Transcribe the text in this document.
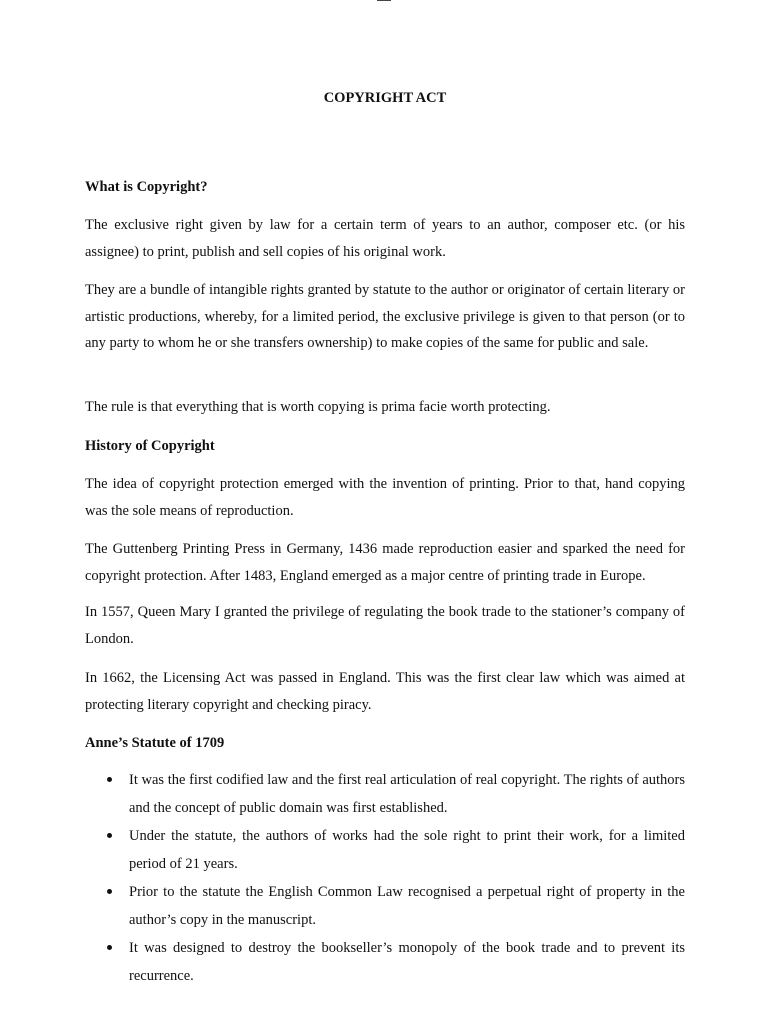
COPYRIGHT ACT
What is Copyright?

The exclusive right given by law for a certain term of years to an author, composer etc. (or his assignee) to print, publish and sell copies of his original work.

They are a bundle of intangible rights granted by statute to the author or originator of certain literary or artistic productions, whereby, for a limited period, the exclusive privilege is given to that person (or to any party to whom he or she transfers ownership) to make copies of the same for public and sale.

The rule is that everything that is worth copying is prima facie worth protecting.

History of Copyright

The idea of copyright protection emerged with the invention of printing. Prior to that, hand copying was the sole means of reproduction.

The Guttenberg Printing Press in Germany, 1436 made reproduction easier and sparked the need for copyright protection. After 1483, England emerged as a major centre of printing trade in Europe.

In 1557, Queen Mary I granted the privilege of regulating the book trade to the stationer’s company of London.

In 1662, the Licensing Act was passed in England. This was the first clear law which was aimed at protecting literary copyright and checking piracy.

Anne’s Statute of 1709
It was the first codified law and the first real articulation of real copyright. The rights of authors and the concept of public domain was first established.
Under the statute, the authors of works had the sole right to print their work, for a limited period of 21 years.
Prior to the statute the English Common Law recognised a perpetual right of property in the author’s copy in the manuscript.
It was designed to destroy the bookseller’s monopoly of the book trade and to prevent its recurrence.
